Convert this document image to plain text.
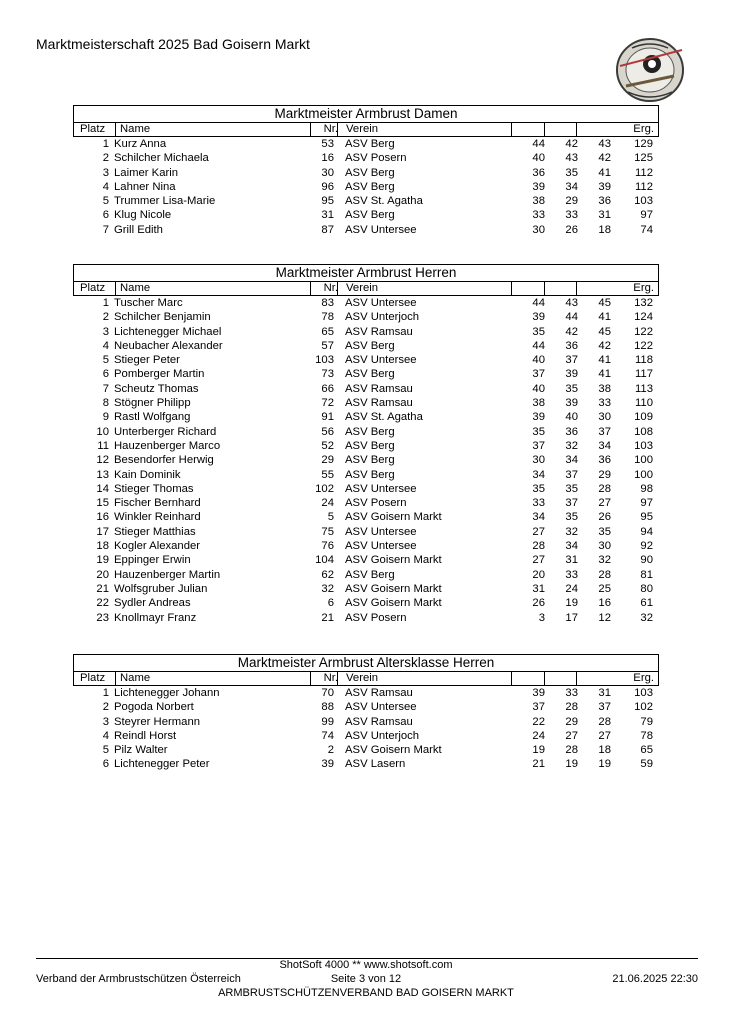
Marktmeisterschaft 2025 Bad Goisern Markt
Marktmeister Armbrust Damen
Platz Name	Nr. Verein	Erg.
1 Kurz Anna	53 ASV Berg	44	42	43	129
2 Schilcher Michaela	16 ASV Posern	40	43	42	125
3 Laimer Karin	30 ASV Berg	36	35	41	112
4 Lahner Nina	96 ASV Berg	39	34	39	112
5 Trummer Lisa-Marie	95 ASV St. Agatha	38	29	36	103
6 Klug Nicole	31 ASV Berg	33	33	31	97
7 Grill Edith	87 ASV Untersee	30	26	18	74
Marktmeister Armbrust Herren
Platz Name	Nr. Verein	Erg.
1 Tuscher Marc	83 ASV Untersee	44	43	45	132
2 Schilcher Benjamin	78 ASV Unterjoch	39	44	41	124
3 Lichtenegger Michael	65 ASV Ramsau	35	42	45	122
4 Neubacher Alexander	57 ASV Berg	44	36	42	122
5 Stieger Peter	103 ASV Untersee	40	37	41	118
6 Pomberger Martin	73 ASV Berg	37	39	41	117
7 Scheutz Thomas	66 ASV Ramsau	40	35	38	113
8 Stögner Philipp	72 ASV Ramsau	38	39	33	110
9 Rastl Wolfgang	91 ASV St. Agatha	39	40	30	109
10 Unterberger Richard	56 ASV Berg	35	36	37	108
11 Hauzenberger Marco	52 ASV Berg	37	32	34	103
12 Besendorfer Herwig	29 ASV Berg	30	34	36	100
13 Kain Dominik	55 ASV Berg	34	37	29	100
14 Stieger Thomas	102 ASV Untersee	35	35	28	98
15 Fischer Bernhard	24 ASV Posern	33	37	27	97
16 Winkler Reinhard	5 ASV Goisern Markt	34	35	26	95
17 Stieger Matthias	75 ASV Untersee	27	32	35	94
18 Kogler Alexander	76 ASV Untersee	28	34	30	92
19 Eppinger Erwin	104 ASV Goisern Markt	27	31	32	90
20 Hauzenberger Martin	62 ASV Berg	20	33	28	81
21 Wolfsgruber Julian	32 ASV Goisern Markt	31	24	25	80
22 Sydler Andreas	6 ASV Goisern Markt	26	19	16	61
23 Knollmayr Franz	21 ASV Posern	3	17	12	32
Marktmeister Armbrust Altersklasse Herren
Platz Name	Nr. Verein	Erg.
1 Lichtenegger Johann	70 ASV Ramsau	39	33	31	103
2 Pogoda Norbert	88 ASV Untersee	37	28	37	102
3 Steyrer Hermann	99 ASV Ramsau	22	29	28	79
4 Reindl Horst	74 ASV Unterjoch	24	27	27	78
5 Pilz Walter	2 ASV Goisern Markt	19	28	18	65
6 Lichtenegger Peter	39 ASV Lasern	21	19	19	59
ShotSoft 4000 ** www.shotsoft.com
Verband der Armbrustschützen Österreich	Seite 3 von 12	21.06.2025 22:30
ARMBRUSTSCHÜTZENVERBAND BAD GOISERN MARKT
